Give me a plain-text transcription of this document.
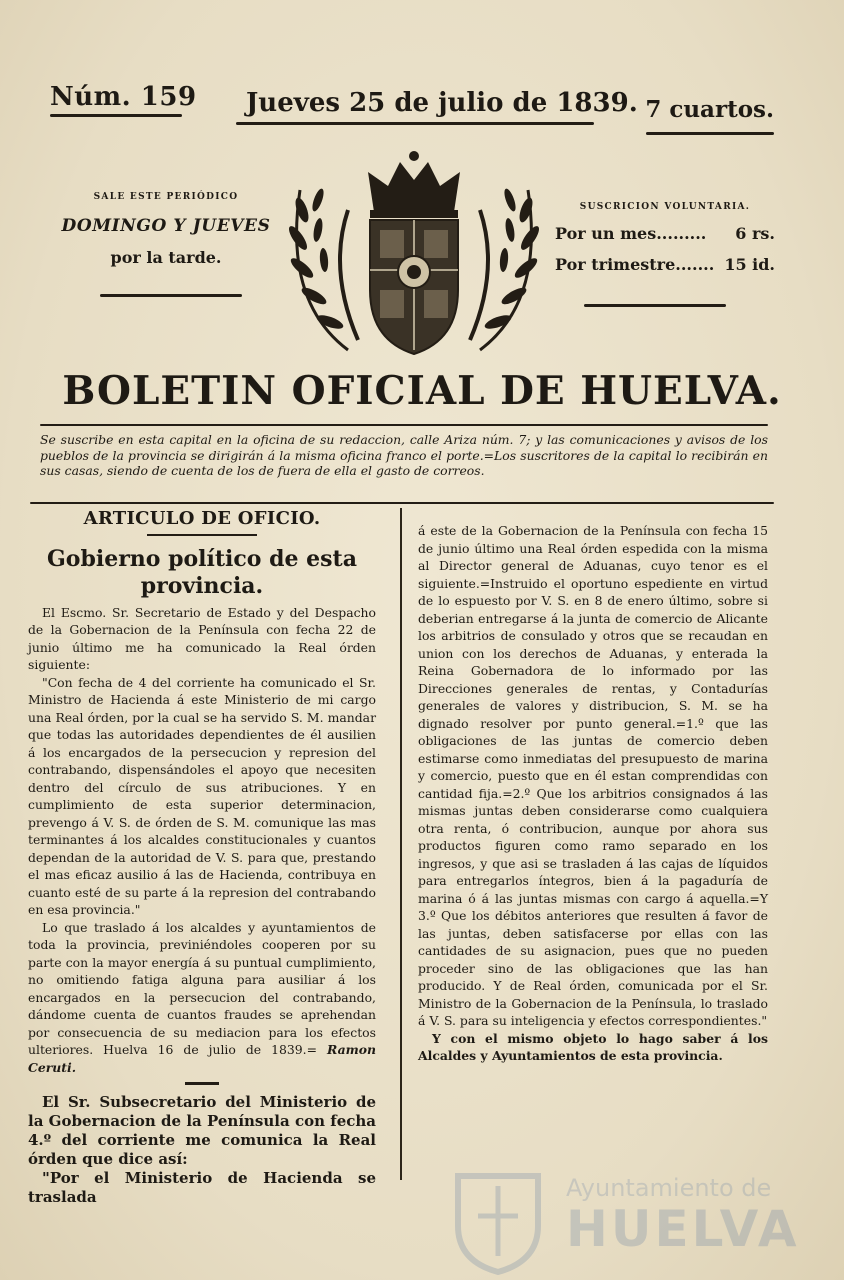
Núm. 159 Jueves 25 de julio de 1839. 7 cuartos.
SALE ESTE PERIÓDICO
DOMINGO Y JUEVES
por la tarde.
SUSCRICION VOLUNTARIA.
Por un mes......... 6 rs.
Por trimestre....... 15 id.
BOLETIN OFICIAL DE HUELVA.
Se suscribe en esta capital en la oficina de su redaccion, calle Ariza núm. 7; y las comunicaciones y avisos de los pueblos de la provincia se dirigirán á la misma oficina franco el porte.=Los suscritores de la capital lo recibirán en sus casas, siendo de cuenta de los de fuera de ella el gasto de correos.
ARTICULO DE OFICIO.
Gobierno político de esta provincia.

El Escmo. Sr. Secretario de Estado y del Despacho de la Gobernacion de la Península con fecha 22 de junio último me ha comunicado la Real órden siguiente:

"Con fecha de 4 del corriente ha comunicado el Sr. Ministro de Hacienda á este Ministerio de mi cargo una Real órden, por la cual se ha servido S. M. mandar que todas las autoridades dependientes de él ausilien á los encargados de la persecucion y represion del contrabando, dispensándoles el apoyo que necesiten dentro del círculo de sus atribuciones. Y en cumplimiento de esta superior determinacion, prevengo á V. S. de órden de S. M. comunique las mas terminantes á los alcaldes constitucionales y cuantos dependan de la autoridad de V. S. para que, prestando el mas eficaz ausilio á las de Hacienda, contribuya en cuanto esté de su parte á la represion del contrabando en esa provincia."

Lo que traslado á los alcaldes y ayuntamientos de toda la provincia, previniéndoles cooperen por su parte con la mayor energía á su puntual cumplimiento, no omitiendo fatiga alguna para ausiliar á los encargados en la persecucion del contrabando, dándome cuenta de cuantos fraudes se aprehendan por consecuencia de su mediacion para los efectos ulteriores. Huelva 16 de julio de 1839.= Ramon Ceruti.

El Sr. Subsecretario del Ministerio de la Gobernacion de la Península con fecha 4.º del corriente me comunica la Real órden que dice así:

"Por el Ministerio de Hacienda se traslada

á este de la Gobernacion de la Península con fecha 15 de junio último una Real órden espedida con la misma al Director general de Aduanas, cuyo tenor es el siguiente.=Instruido el oportuno espediente en virtud de lo espuesto por V. S. en 8 de enero último, sobre si deberian entregarse á la junta de comercio de Alicante los arbitrios de consulado y otros que se recaudan en union con los derechos de Aduanas, y enterada la Reina Gobernadora de lo informado por las Direcciones generales de rentas, y Contadurías generales de valores y distribucion, S. M. se ha dignado resolver por punto general.=1.º que las obligaciones de las juntas de comercio deben estimarse como inmediatas del presupuesto de marina y comercio, puesto que en él estan comprendidas con cantidad fija.=2.º Que los arbitrios consignados á las mismas juntas deben considerarse como cualquiera otra renta, ó contribucion, aunque por ahora sus productos figuren como ramo separado en los ingresos, y que asi se trasladen á las cajas de líquidos para entregarlos íntegros, bien á la pagaduría de marina ó á las juntas mismas con cargo á aquella.=Y 3.º Que los débitos anteriores que resulten á favor de las juntas, deben satisfacerse por ellas con las cantidades de su asignacion, pues que no pueden proceder sino de las obligaciones que las han producido. Y de Real órden, comunicada por el Sr. Ministro de la Gobernacion de la Península, lo traslado á V. S. para su inteligencia y efectos correspondientes."

Y con el mismo objeto lo hago saber á los Alcaldes y Ayuntamientos de esta provincia.

Ayuntamiento de
HUELVA
